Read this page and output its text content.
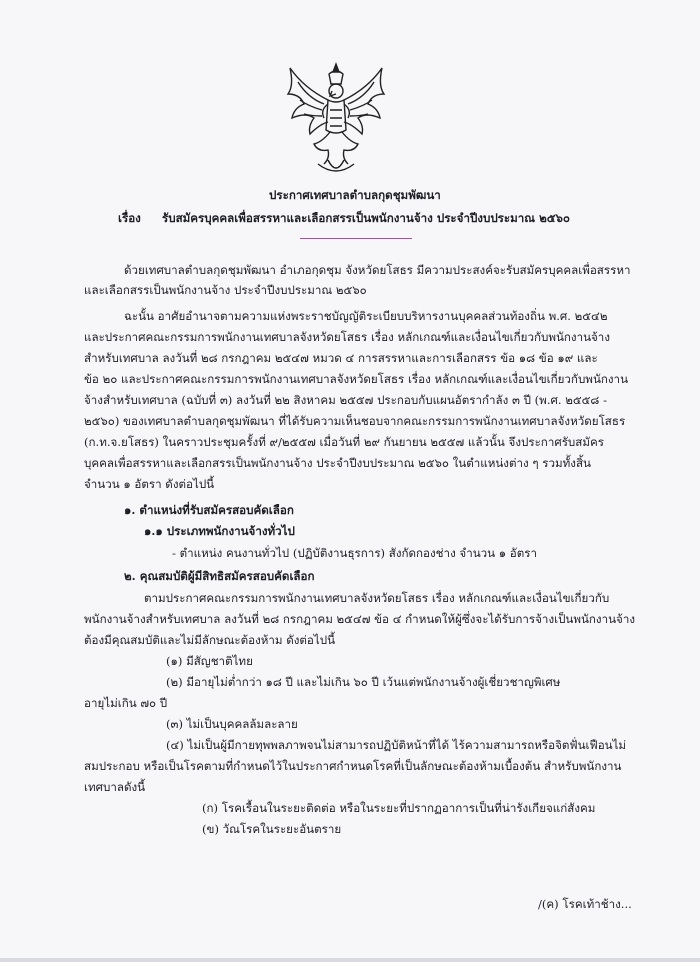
ประกาศเทศบาลตำบลกุดชุมพัฒนา
เรื่อง รับสมัครบุคคลเพื่อสรรหาและเลือกสรรเป็นพนักงานจ้าง ประจำปีงบประมาณ ๒๕๖๐
ด้วยเทศบาลตำบลกุดชุมพัฒนา อำเภอกุดชุม จังหวัดยโสธร มีความประสงค์จะรับสมัครบุคคลเพื่อสรรหา
และเลือกสรรเป็นพนักงานจ้าง ประจำปีงบประมาณ ๒๕๖๐
ฉะนั้น อาศัยอำนาจตามความแห่งพระราชบัญญัติระเบียบบริหารงานบุคคลส่วนท้องถิ่น พ.ศ. ๒๕๔๒
และประกาศคณะกรรมการพนักงานเทศบาลจังหวัดยโสธร เรื่อง หลักเกณฑ์และเงื่อนไขเกี่ยวกับพนักงานจ้าง
สำหรับเทศบาล ลงวันที่ ๒๘ กรกฎาคม ๒๕๔๗ หมวด ๔ การสรรหาและการเลือกสรร ข้อ ๑๘ ข้อ ๑๙ และ
ข้อ ๒๐ และประกาศคณะกรรมการพนักงานเทศบาลจังหวัดยโสธร เรื่อง หลักเกณฑ์และเงื่อนไขเกี่ยวกับพนักงาน
จ้างสำหรับเทศบาล (ฉบับที่ ๓) ลงวันที่ ๒๒ สิงหาคม ๒๕๕๗ ประกอบกับแผนอัตรากำลัง ๓ ปี (พ.ศ. ๒๕๕๘ -
๒๕๖๐) ของเทศบาลตำบลกุดชุมพัฒนา ที่ได้รับความเห็นชอบจากคณะกรรมการพนักงานเทศบาลจังหวัดยโสธร
(ก.ท.จ.ยโสธร) ในคราวประชุมครั้งที่ ๙/๒๕๕๗ เมื่อวันที่ ๒๙ กันยายน ๒๕๕๗ แล้วนั้น จึงประกาศรับสมัคร
บุคคลเพื่อสรรหาและเลือกสรรเป็นพนักงานจ้าง ประจำปีงบประมาณ ๒๕๖๐ ในตำแหน่งต่าง ๆ รวมทั้งสิ้น
จำนวน ๑ อัตรา ดังต่อไปนี้
๑. ตำแหน่งที่รับสมัครสอบคัดเลือก
๑.๑ ประเภทพนักงานจ้างทั่วไป
- ตำแหน่ง คนงานทั่วไป (ปฏิบัติงานธุรการ) สังกัดกองช่าง จำนวน ๑ อัตรา
๒. คุณสมบัติผู้มีสิทธิสมัครสอบคัดเลือก
ตามประกาศคณะกรรมการพนักงานเทศบาลจังหวัดยโสธร เรื่อง หลักเกณฑ์และเงื่อนไขเกี่ยวกับ
พนักงานจ้างสำหรับเทศบาล ลงวันที่ ๒๘ กรกฎาคม ๒๕๔๗ ข้อ ๔ กำหนดให้ผู้ซึ่งจะได้รับการจ้างเป็นพนักงานจ้าง
ต้องมีคุณสมบัติและไม่มีลักษณะต้องห้าม ดังต่อไปนี้
(๑) มีสัญชาติไทย
(๒) มีอายุไม่ต่ำกว่า ๑๘ ปี และไม่เกิน ๖๐ ปี เว้นแต่พนักงานจ้างผู้เชี่ยวชาญพิเศษ
อายุไม่เกิน ๗๐ ปี
(๓) ไม่เป็นบุคคลล้มละลาย
(๔) ไม่เป็นผู้มีกายทุพพลภาพจนไม่สามารถปฏิบัติหน้าที่ได้ ไร้ความสามารถหรือจิตฟั่นเฟือนไม่
สมประกอบ หรือเป็นโรคตามที่กำหนดไว้ในประกาศกำหนดโรคที่เป็นลักษณะต้องห้ามเบื้องต้น สำหรับพนักงาน
เทศบาลดังนี้
(ก) โรคเรื้อนในระยะติดต่อ หรือในระยะที่ปรากฏอาการเป็นที่น่ารังเกียจแก่สังคม
(ข) วัณโรคในระยะอันตราย
/(ค) โรคเท้าช้าง...
